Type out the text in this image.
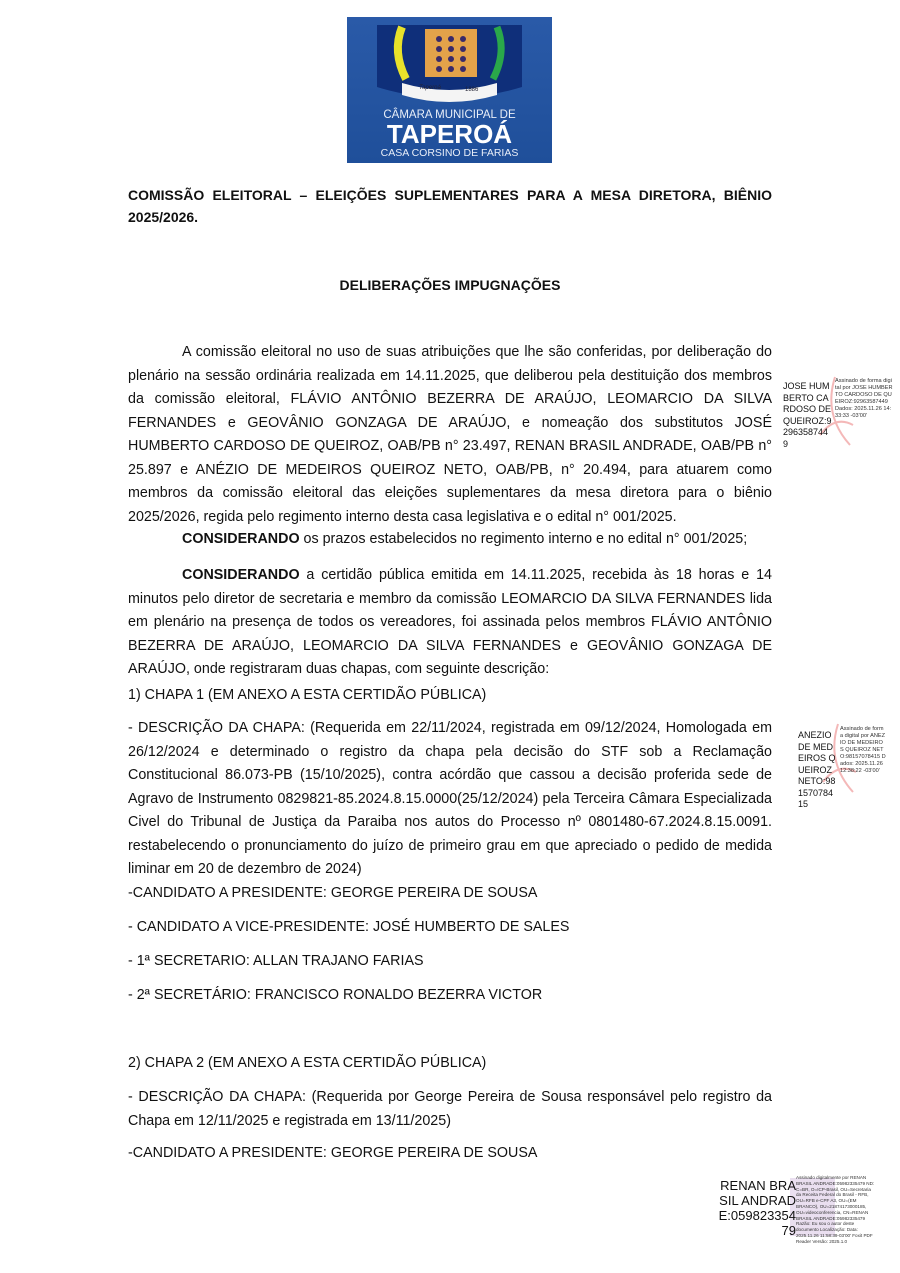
Taperoá	1886
CÂMARA MUNICIPAL DE
TAPEROÁ
CASA CORSINO DE FARIAS
COMISSÃO ELEITORAL – ELEIÇÕES SUPLEMENTARES PARA A MESA DIRETORA, BIÊNIO 2025/2026.
DELIBERAÇÕES IMPUGNAÇÕES
A comissão eleitoral no uso de suas atribuições que lhe são conferidas, por deliberação do plenário na sessão ordinária realizada em 14.11.2025, que deliberou pela destituição dos membros da comissão eleitoral, FLÁVIO ANTÔNIO BEZERRA DE ARAÚJO, LEOMARCIO DA SILVA FERNANDES e GEOVÂNIO GONZAGA DE ARAÚJO, e nomeação dos substitutos JOSÉ HUMBERTO CARDOSO DE QUEIROZ, OAB/PB n° 23.497, RENAN BRASIL ANDRADE, OAB/PB n° 25.897 e ANÉZIO DE MEDEIROS QUEIROZ NETO, OAB/PB, n° 20.494, para atuarem como membros da comissão eleitoral das eleições suplementares da mesa diretora para o biênio 2025/2026, regida pelo regimento interno desta casa legislativa e o edital n° 001/2025.
CONSIDERANDO os prazos estabelecidos no regimento interno e no edital n° 001/2025;
CONSIDERANDO a certidão pública emitida em 14.11.2025, recebida às 18 horas e 14 minutos pelo diretor de secretaria e membro da comissão LEOMARCIO DA SILVA FERNANDES lida em plenário na presença de todos os vereadores, foi assinada pelos membros FLÁVIO ANTÔNIO BEZERRA DE ARAÚJO, LEOMARCIO DA SILVA FERNANDES e GEOVÂNIO GONZAGA DE ARAÚJO, onde registraram duas chapas, com seguinte descrição:
1) CHAPA 1 (EM ANEXO A ESTA CERTIDÃO PÚBLICA)
- DESCRIÇÃO DA CHAPA: (Requerida em 22/11/2024, registrada em 09/12/2024, Homologada em 26/12/2024 e determinado o registro da chapa pela decisão do STF sob a Reclamação Constitucional 86.073-PB (15/10/2025), contra acórdão que cassou a decisão proferida sede de Agravo de Instrumento 0829821-85.2024.8.15.0000(25/12/2024) pela Terceira Câmara Especializada Civel do Tribunal de Justiça da Paraiba nos autos do Processo nº 0801480-67.2024.8.15.0091. restabelecendo o pronunciamento do juízo de primeiro grau em que apreciado o pedido de medida liminar em 20 de dezembro de 2024)
-CANDIDATO A PRESIDENTE: GEORGE PEREIRA DE SOUSA
- CANDIDATO A VICE-PRESIDENTE: JOSÉ HUMBERTO DE SALES
- 1ª SECRETARIO: ALLAN TRAJANO FARIAS
- 2ª SECRETÁRIO: FRANCISCO RONALDO BEZERRA VICTOR
2) CHAPA 2 (EM ANEXO A ESTA CERTIDÃO PÚBLICA)
- DESCRIÇÃO DA CHAPA: (Requerida por George Pereira de Sousa responsável pelo registro da Chapa em 12/11/2025 e registrada em 13/11/2025)
-CANDIDATO A PRESIDENTE: GEORGE PEREIRA DE SOUSA
JOSE HUMBERTO CARDOSO DE QUEIROZ:92963587449
Assinado de forma digital por JOSE HUMBERTO CARDOSO DE QUEIROZ:92963587449 Dados: 2025.11.26 14:33:33 -03'00'
ANEZIO DE MEDEIROS QUEIROZ NETO:98157078415
Assinado de forma digital por ANEZIO DE MEDEIROS QUEIROZ NETO:98157078415 Dados: 2025.11.26 12:38:22 -03'00'
RENAN BRASIL ANDRADE:05982335479
Assinado digitalmente por RENAN BRASIL ANDRADE:05982335479 ND: C=BR, O=ICP-Brasil, OU=Secretaria da Receita Federal do Brasil - RFB, OU=RFB e-CPF A3, OU=(EM BRANCO), OU=21874173000185, OU=videoconferencia, CN=RENAN BRASIL ANDRADE:05982335479 Razão: Eu sou o autor deste documento Localização: Data: 2025.11.26 11:58:39-03'00' Foxit PDF Reader Versão: 2025.1.0
